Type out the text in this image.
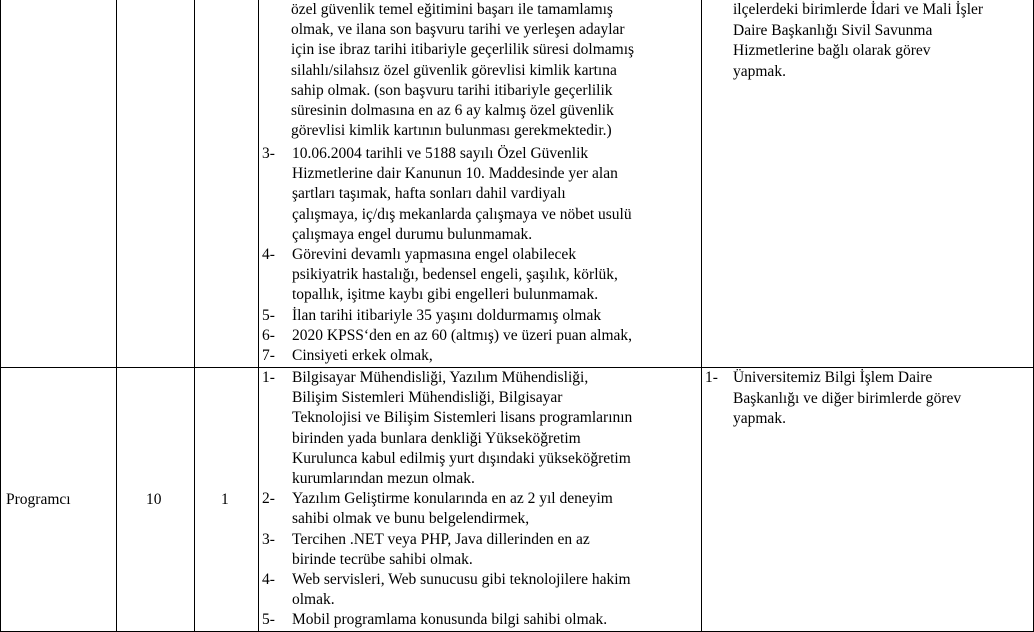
özel güvenlik temel eğitimini başarı ile tamamlamış
olmak, ve ilana son başvuru tarihi ve yerleşen adaylar
için ise ibraz tarihi itibariyle geçerlilik süresi dolmamış
silahlı/silahsız özel güvenlik görevlisi kimlik kartına
sahip olmak. (son başvuru tarihi itibariyle geçerlilik
süresinin dolmasına en az 6 ay kalmış özel güvenlik
görevlisi kimlik kartının bulunması gerekmektedir.)
3- 10.06.2004 tarihli ve 5188 sayılı Özel Güvenlik
Hizmetlerine dair Kanunun 10. Maddesinde yer alan
şartları taşımak, hafta sonları dahil vardiyalı
çalışmaya, iç/dış mekanlarda çalışmaya ve nöbet usulü
çalışmaya engel durumu bulunmamak.
4- Görevini devamlı yapmasına engel olabilecek
psikiyatrik hastalığı, bedensel engeli, şaşılık, körlük,
topallık, işitme kaybı gibi engelleri bulunmamak.
5- İlan tarihi itibariyle 35 yaşını doldurmamış olmak
6- 2020 KPSS‘den en az 60 (altmış) ve üzeri puan almak,
7- Cinsiyeti erkek olmak,
ilçelerdeki birimlerde İdari ve Mali İşler
Daire Başkanlığı Sivil Savunma
Hizmetlerine bağlı olarak görev
yapmak.
Programcı	10	1
1- Bilgisayar Mühendisliği, Yazılım Mühendisliği,
Bilişim Sistemleri Mühendisliği, Bilgisayar
Teknolojisi ve Bilişim Sistemleri lisans programlarının
birinden yada bunlara denkliği Yükseköğretim
Kurulunca kabul edilmiş yurt dışındaki yükseköğretim
kurumlarından mezun olmak.
2- Yazılım Geliştirme konularında en az 2 yıl deneyim
sahibi olmak ve bunu belgelendirmek,
3- Tercihen .NET veya PHP, Java dillerinden en az
birinde tecrübe sahibi olmak.
4- Web servisleri, Web sunucusu gibi teknolojilere hakim
olmak.
5- Mobil programlama konusunda bilgi sahibi olmak.
1- Üniversitemiz Bilgi İşlem Daire
Başkanlığı ve diğer birimlerde görev
yapmak.
